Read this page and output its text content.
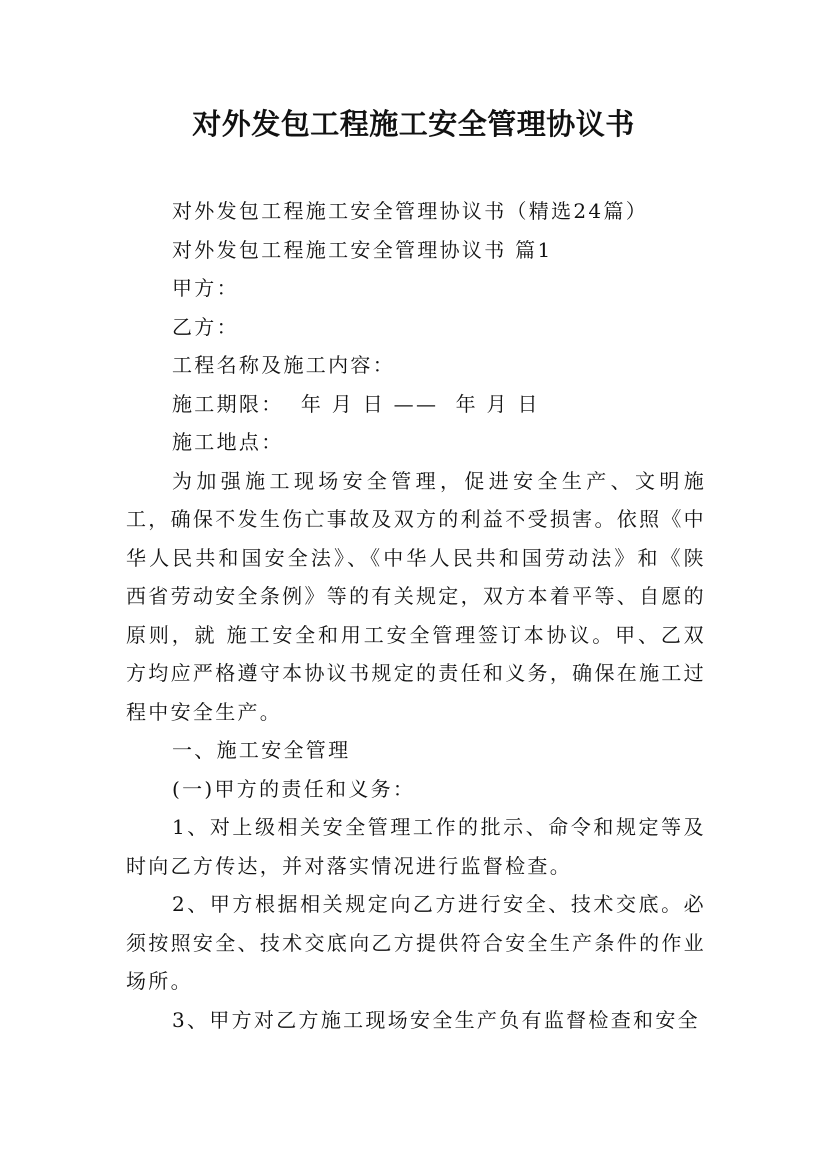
对外发包工程施工安全管理协议书

对外发包工程施工安全管理协议书（精选24篇）

对外发包工程施工安全管理协议书 篇1

甲方：

乙方：

工程名称及施工内容：

施工期限：  年 月 日 ——  年 月 日

施工地点：

为加强施工现场安全管理，促进安全生产、文明施工，确保不发生伤亡事故及双方的利益不受损害。依照《中华人民共和国安全法》、《中华人民共和国劳动法》和《陕西省劳动安全条例》等的有关规定，双方本着平等、自愿的原则，就 施工安全和用工安全管理签订本协议。甲、乙双方均应严格遵守本协议书规定的责任和义务，确保在施工过程中安全生产。

一、施工安全管理

(一)甲方的责任和义务：

1、对上级相关安全管理工作的批示、命令和规定等及时向乙方传达，并对落实情况进行监督检查。

2、甲方根据相关规定向乙方进行安全、技术交底。必须按照安全、技术交底向乙方提供符合安全生产条件的作业场所。

3、甲方对乙方施工现场安全生产负有监督检查和安全
